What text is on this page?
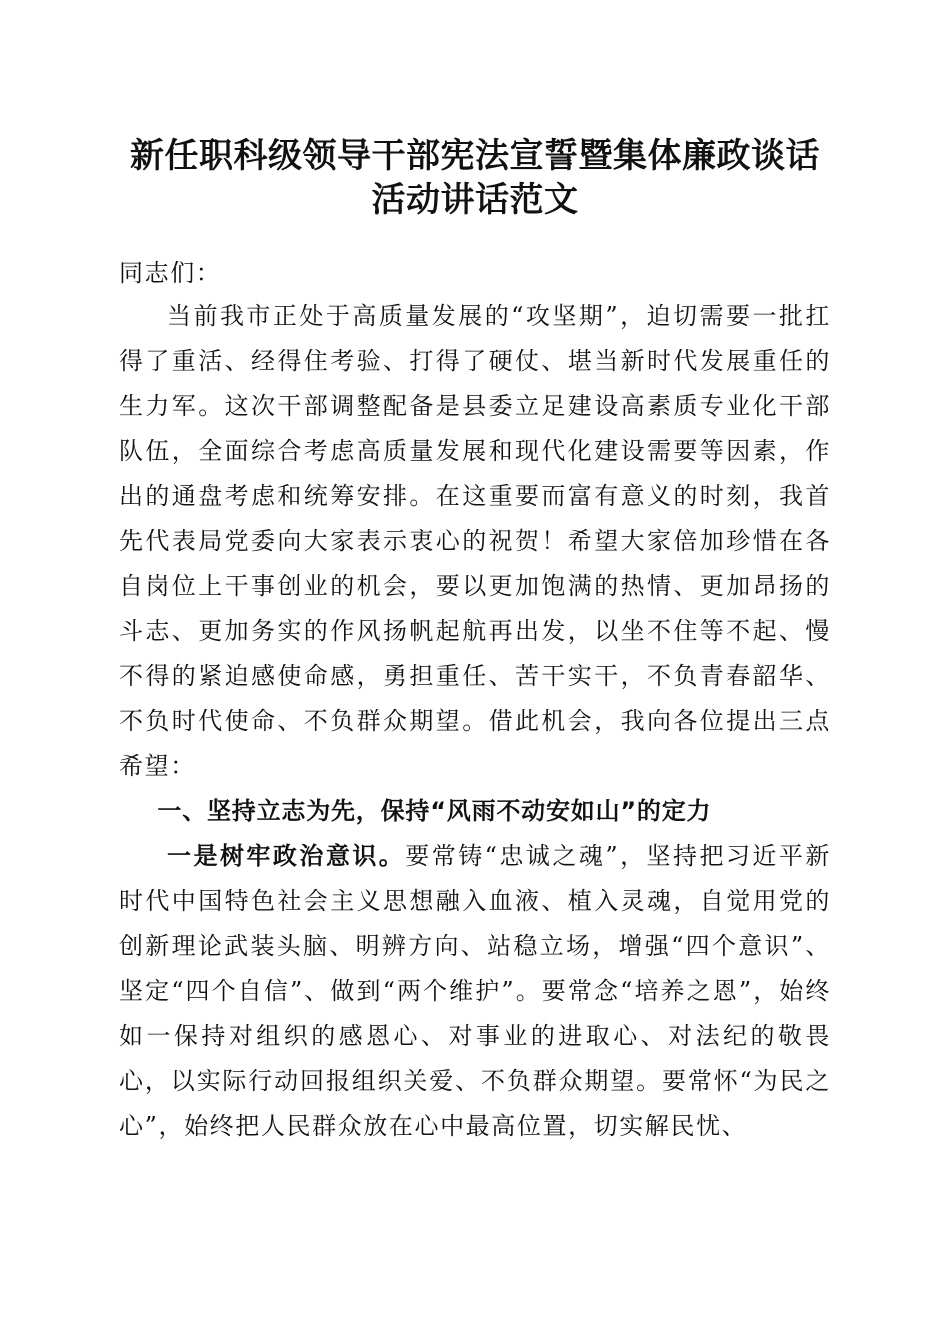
新任职科级领导干部宪法宣誓暨集体廉政谈话
活动讲话范文

同志们：

当前我市正处于高质量发展的“攻坚期”，迫切需要一批扛得了重活、经得住考验、打得了硬仗、堪当新时代发展重任的生力军。这次干部调整配备是县委立足建设高素质专业化干部队伍，全面综合考虑高质量发展和现代化建设需要等因素，作出的通盘考虑和统筹安排。在这重要而富有意义的时刻，我首先代表局党委向大家表示衷心的祝贺！希望大家倍加珍惜在各自岗位上干事创业的机会，要以更加饱满的热情、更加昂扬的斗志、更加务实的作风扬帆起航再出发，以坐不住等不起、慢不得的紧迫感使命感，勇担重任、苦干实干，不负青春韶华、不负时代使命、不负群众期望。借此机会，我向各位提出三点希望：

一、坚持立志为先，保持“风雨不动安如山”的定力

一是树牢政治意识。要常铸“忠诚之魂”，坚持把习近平新时代中国特色社会主义思想融入血液、植入灵魂，自觉用党的创新理论武装头脑、明辨方向、站稳立场，增强“四个意识”、坚定“四个自信”、做到“两个维护”。要常念“培养之恩”，始终如一保持对组织的感恩心、对事业的进取心、对法纪的敬畏心，以实际行动回报组织关爱、不负群众期望。要常怀“为民之心”，始终把人民群众放在心中最高位置，切实解民忧、
